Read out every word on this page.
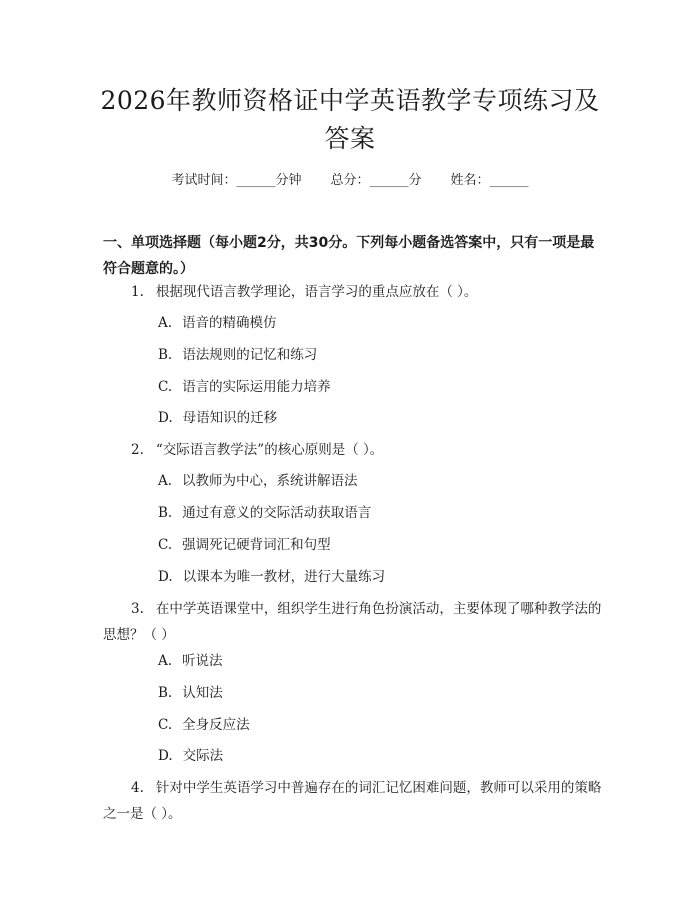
2026年教师资格证中学英语教学专项练习及答案
考试时间：______分钟 总分：______分 姓名：______

一、单项选择题（每小题2分，共30分。下列每小题备选答案中，只有一项是最符合题意的。）

1. 根据现代语言教学理论，语言学习的重点应放在（ ）。

A. 语音的精确模仿

B. 语法规则的记忆和练习

C. 语言的实际运用能力培养

D. 母语知识的迁移

2. “交际语言教学法”的核心原则是（ ）。

A. 以教师为中心，系统讲解语法

B. 通过有意义的交际活动获取语言

C. 强调死记硬背词汇和句型

D. 以课本为唯一教材，进行大量练习

3. 在中学英语课堂中，组织学生进行角色扮演活动，主要体现了哪种教学法的思想？（ ）

A. 听说法

B. 认知法

C. 全身反应法

D. 交际法

4. 针对中学生英语学习中普遍存在的词汇记忆困难问题，教师可以采用的策略之一是（ ）。
